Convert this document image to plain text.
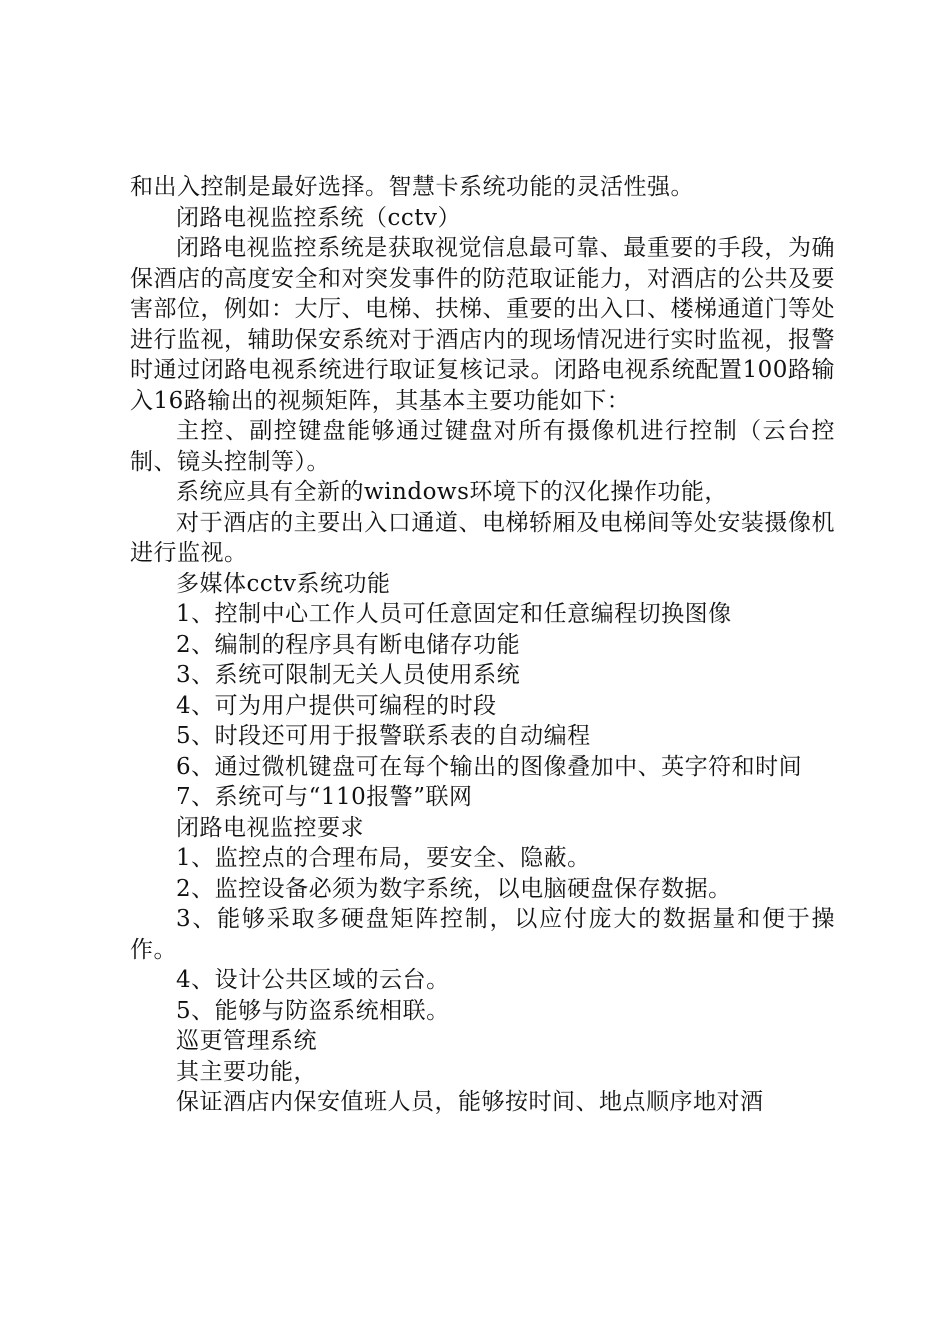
和出入控制是最好选择。智慧卡系统功能的灵活性强。

闭路电视监控系统（cctv）

闭路电视监控系统是获取视觉信息最可靠、最重要的手段，为确保酒店的高度安全和对突发事件的防范取证能力，对酒店的公共及要害部位，例如：大厅、电梯、扶梯、重要的出入口、楼梯通道门等处进行监视，辅助保安系统对于酒店内的现场情况进行实时监视，报警时通过闭路电视系统进行取证复核记录。闭路电视系统配置100路输入16路输出的视频矩阵，其基本主要功能如下：

主控、副控键盘能够通过键盘对所有摄像机进行控制（云台控制、镜头控制等）。

系统应具有全新的windows环境下的汉化操作功能，

对于酒店的主要出入口通道、电梯轿厢及电梯间等处安装摄像机进行监视。

多媒体cctv系统功能

1、控制中心工作人员可任意固定和任意编程切换图像

2、编制的程序具有断电储存功能

3、系统可限制无关人员使用系统

4、可为用户提供可编程的时段

5、时段还可用于报警联系表的自动编程

6、通过微机键盘可在每个输出的图像叠加中、英字符和时间

7、系统可与“110报警”联网

闭路电视监控要求

1、监控点的合理布局，要安全、隐蔽。

2、监控设备必须为数字系统，以电脑硬盘保存数据。

3、能够采取多硬盘矩阵控制，以应付庞大的数据量和便于操作。

4、设计公共区域的云台。

5、能够与防盗系统相联。

巡更管理系统

其主要功能，

保证酒店内保安值班人员，能够按时间、地点顺序地对酒
